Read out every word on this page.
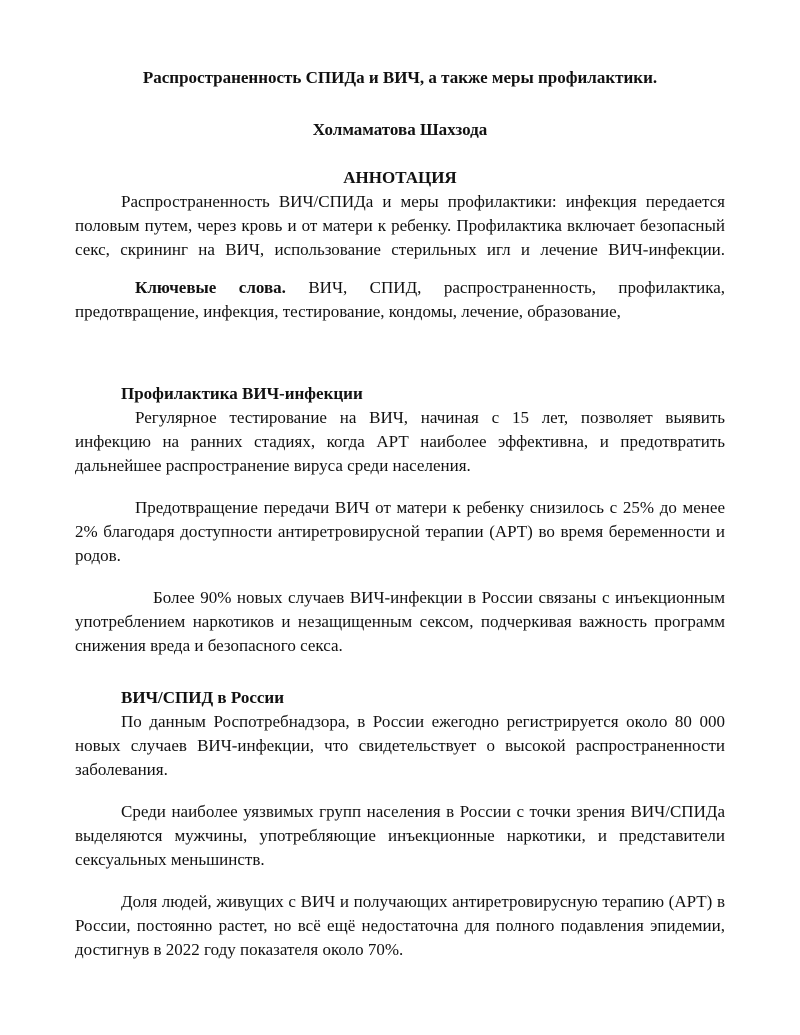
Распространенность СПИДа и ВИЧ, а также меры профилактики.
Холмаматова Шахзода
АННОТАЦИЯ

Распространенность ВИЧ/СПИДа и меры профилактики: инфекция передается половым путем, через кровь и от матери к ребенку. Профилактика включает безопасный секс, скрининг на ВИЧ, использование стерильных игл и лечение ВИЧ-инфекции.

Ключевые слова. ВИЧ, СПИД, распространенность, профилактика, предотвращение, инфекция, тестирование, кондомы, лечение, образование,

Профилактика ВИЧ-инфекции

Регулярное тестирование на ВИЧ, начиная с 15 лет, позволяет выявить инфекцию на ранних стадиях, когда АРТ наиболее эффективна, и предотвратить дальнейшее распространение вируса среди населения.

Предотвращение передачи ВИЧ от матери к ребенку снизилось с 25% до менее 2% благодаря доступности антиретровирусной терапии (АРТ) во время беременности и родов.

Более 90% новых случаев ВИЧ-инфекции в России связаны с инъекционным употреблением наркотиков и незащищенным сексом, подчеркивая важность программ снижения вреда и безопасного секса.

ВИЧ/СПИД в России

По данным Роспотребнадзора, в России ежегодно регистрируется около 80 000 новых случаев ВИЧ-инфекции, что свидетельствует о высокой распространенности заболевания.

Среди наиболее уязвимых групп населения в России с точки зрения ВИЧ/СПИДа выделяются мужчины, употребляющие инъекционные наркотики, и представители сексуальных меньшинств.

Доля людей, живущих с ВИЧ и получающих антиретровирусную терапию (АРТ) в России, постоянно растет, но всё ещё недостаточна для полного подавления эпидемии, достигнув в 2022 году показателя около 70%.
